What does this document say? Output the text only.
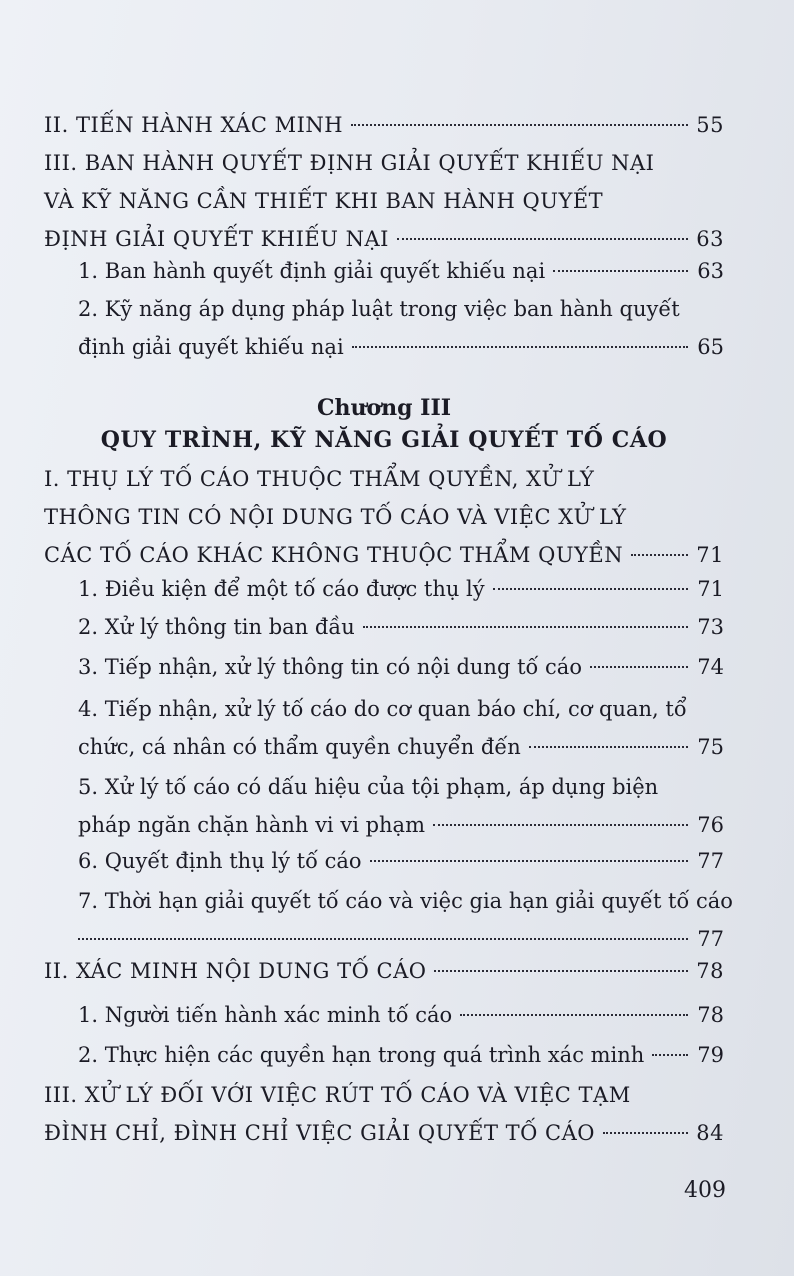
II. TIẾN HÀNH XÁC MINH	55
III. BAN HÀNH QUYẾT ĐỊNH GIẢI QUYẾT KHIẾU NẠI
VÀ KỸ NĂNG CẦN THIẾT KHI BAN HÀNH QUYẾT
ĐỊNH GIẢI QUYẾT KHIẾU NẠI	63
1. Ban hành quyết định giải quyết khiếu nại	63
2. Kỹ năng áp dụng pháp luật trong việc ban hành quyết
định giải quyết khiếu nại	65
Chương III
QUY TRÌNH, KỸ NĂNG GIẢI QUYẾT TỐ CÁO
I. THỤ LÝ TỐ CÁO THUỘC THẨM QUYỀN, XỬ LÝ
THÔNG TIN CÓ NỘI DUNG TỐ CÁO VÀ VIỆC XỬ LÝ
CÁC TỐ CÁO KHÁC KHÔNG THUỘC THẨM QUYỀN	71
1. Điều kiện để một tố cáo được thụ lý	71
2. Xử lý thông tin ban đầu	73
3. Tiếp nhận, xử lý thông tin có nội dung tố cáo	74
4. Tiếp nhận, xử lý tố cáo do cơ quan báo chí, cơ quan, tổ
chức, cá nhân có thẩm quyền chuyển đến	75
5. Xử lý tố cáo có dấu hiệu của tội phạm, áp dụng biện
pháp ngăn chặn hành vi vi phạm	76
6. Quyết định thụ lý tố cáo	77
7. Thời hạn giải quyết tố cáo và việc gia hạn giải quyết tố cáo
77
II. XÁC MINH NỘI DUNG TỐ CÁO	78
1. Người tiến hành xác minh tố cáo	78
2. Thực hiện các quyền hạn trong quá trình xác minh	79
III. XỬ LÝ ĐỐI VỚI VIỆC RÚT TỐ CÁO VÀ VIỆC TẠM
ĐÌNH CHỈ, ĐÌNH CHỈ VIỆC GIẢI QUYẾT TỐ CÁO	84
409
